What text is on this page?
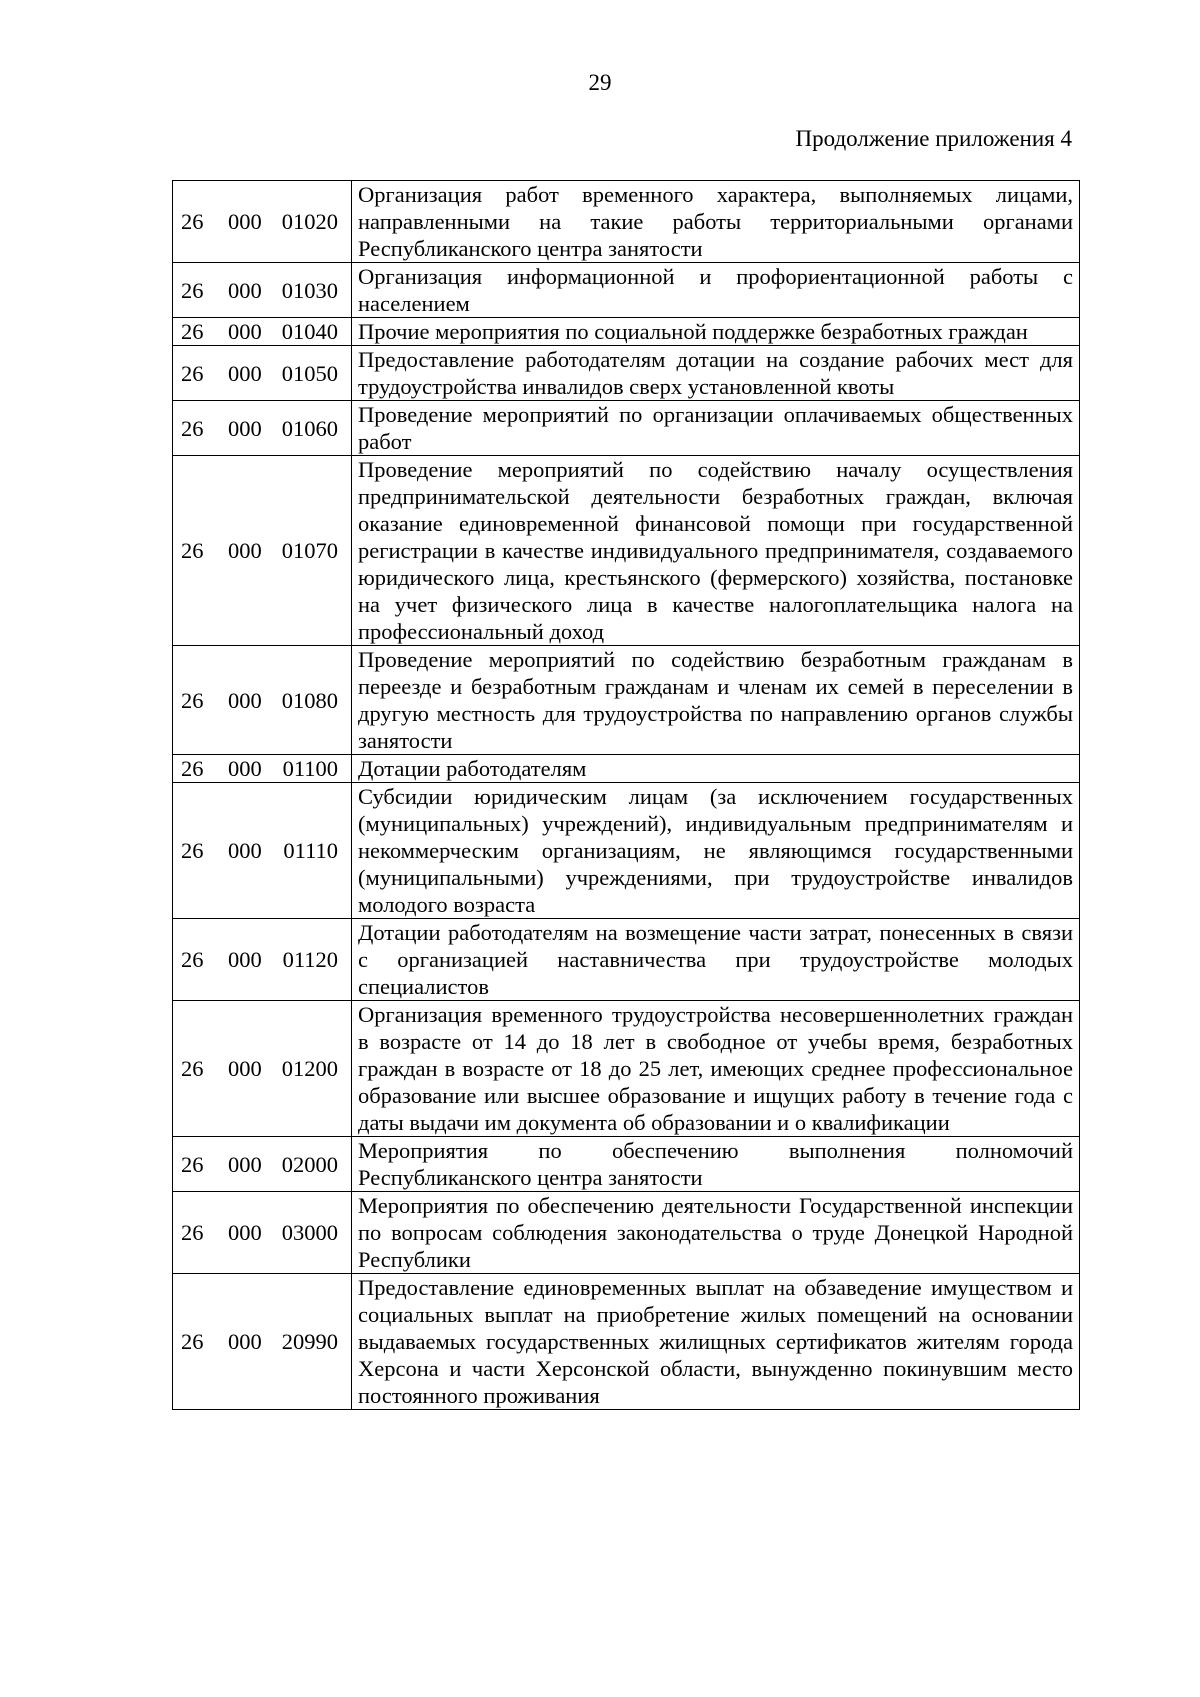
29
Продолжение приложения 4
26 000 01020	Организация работ временного характера, выполняемых лицами, направленными на такие работы территориальными органами Республиканского центра занятости
26 000 01030	Организация информационной и профориентационной работы с населением
26 000 01040	Прочие мероприятия по социальной поддержке безработных граждан
26 000 01050	Предоставление работодателям дотации на создание рабочих мест для трудоустройства инвалидов сверх установленной квоты
26 000 01060	Проведение мероприятий по организации оплачиваемых общественных работ
26 000 01070	Проведение мероприятий по содействию началу осуществления предпринимательской деятельности безработных граждан, включая оказание единовременной финансовой помощи при государственной регистрации в качестве индивидуального предпринимателя, создаваемого юридического лица, крестьянского (фермерского) хозяйства, постановке на учет физического лица в качестве налогоплательщика налога на профессиональный доход
26 000 01080	Проведение мероприятий по содействию безработным гражданам в переезде и безработным гражданам и членам их семей в переселении в другую местность для трудоустройства по направлению органов службы занятости
26 000 01100	Дотации работодателям
26 000 01110	Субсидии юридическим лицам (за исключением государственных (муниципальных) учреждений), индивидуальным предпринимателям и некоммерческим организациям, не являющимся государственными (муниципальными) учреждениями, при трудоустройстве инвалидов молодого возраста
26 000 01120	Дотации работодателям на возмещение части затрат, понесенных в связи с организацией наставничества при трудоустройстве молодых специалистов
26 000 01200	Организация временного трудоустройства несовершеннолетних граждан в возрасте от 14 до 18 лет в свободное от учебы время, безработных граждан в возрасте от 18 до 25 лет, имеющих среднее профессиональное образование или высшее образование и ищущих работу в течение года с даты выдачи им документа об образовании и о квалификации
26 000 02000	Мероприятия по обеспечению выполнения полномочий Республиканского центра занятости
26 000 03000	Мероприятия по обеспечению деятельности Государственной инспекции по вопросам соблюдения законодательства о труде Донецкой Народной Республики
26 000 20990	Предоставление единовременных выплат на обзаведение имуществом и социальных выплат на приобретение жилых помещений на основании выдаваемых государственных жилищных сертификатов жителям города Херсона и части Херсонской области, вынужденно покинувшим место постоянного проживания
